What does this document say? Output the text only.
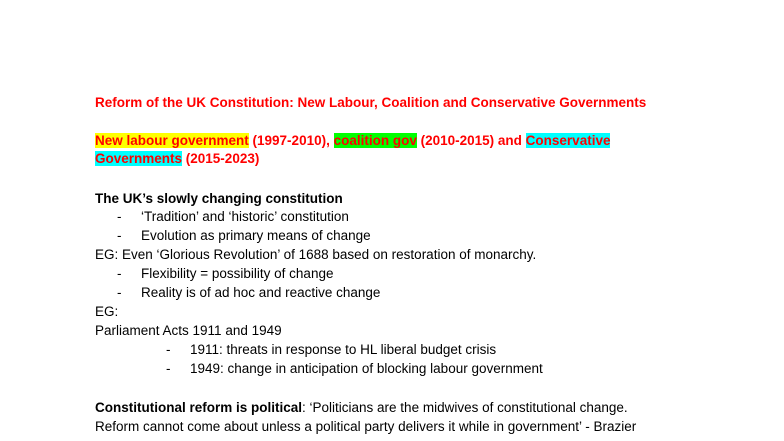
Reform of the UK Constitution: New Labour, Coalition and Conservative Governments
New labour government (1997-2010), coalition gov (2010-2015) and Conservative
Governments (2015-2023)
The UK’s slowly changing constitution
- ‘Tradition’ and ‘historic’ constitution
- Evolution as primary means of change
EG: Even ‘Glorious Revolution’ of 1688 based on restoration of monarchy.
- Flexibility = possibility of change
- Reality is of ad hoc and reactive change
EG:
Parliament Acts 1911 and 1949
- 1911: threats in response to HL liberal budget crisis
- 1949: change in anticipation of blocking labour government
Constitutional reform is political: ‘Politicians are the midwives of constitutional change.
Reform cannot come about unless a political party delivers it while in government’ - Brazier
